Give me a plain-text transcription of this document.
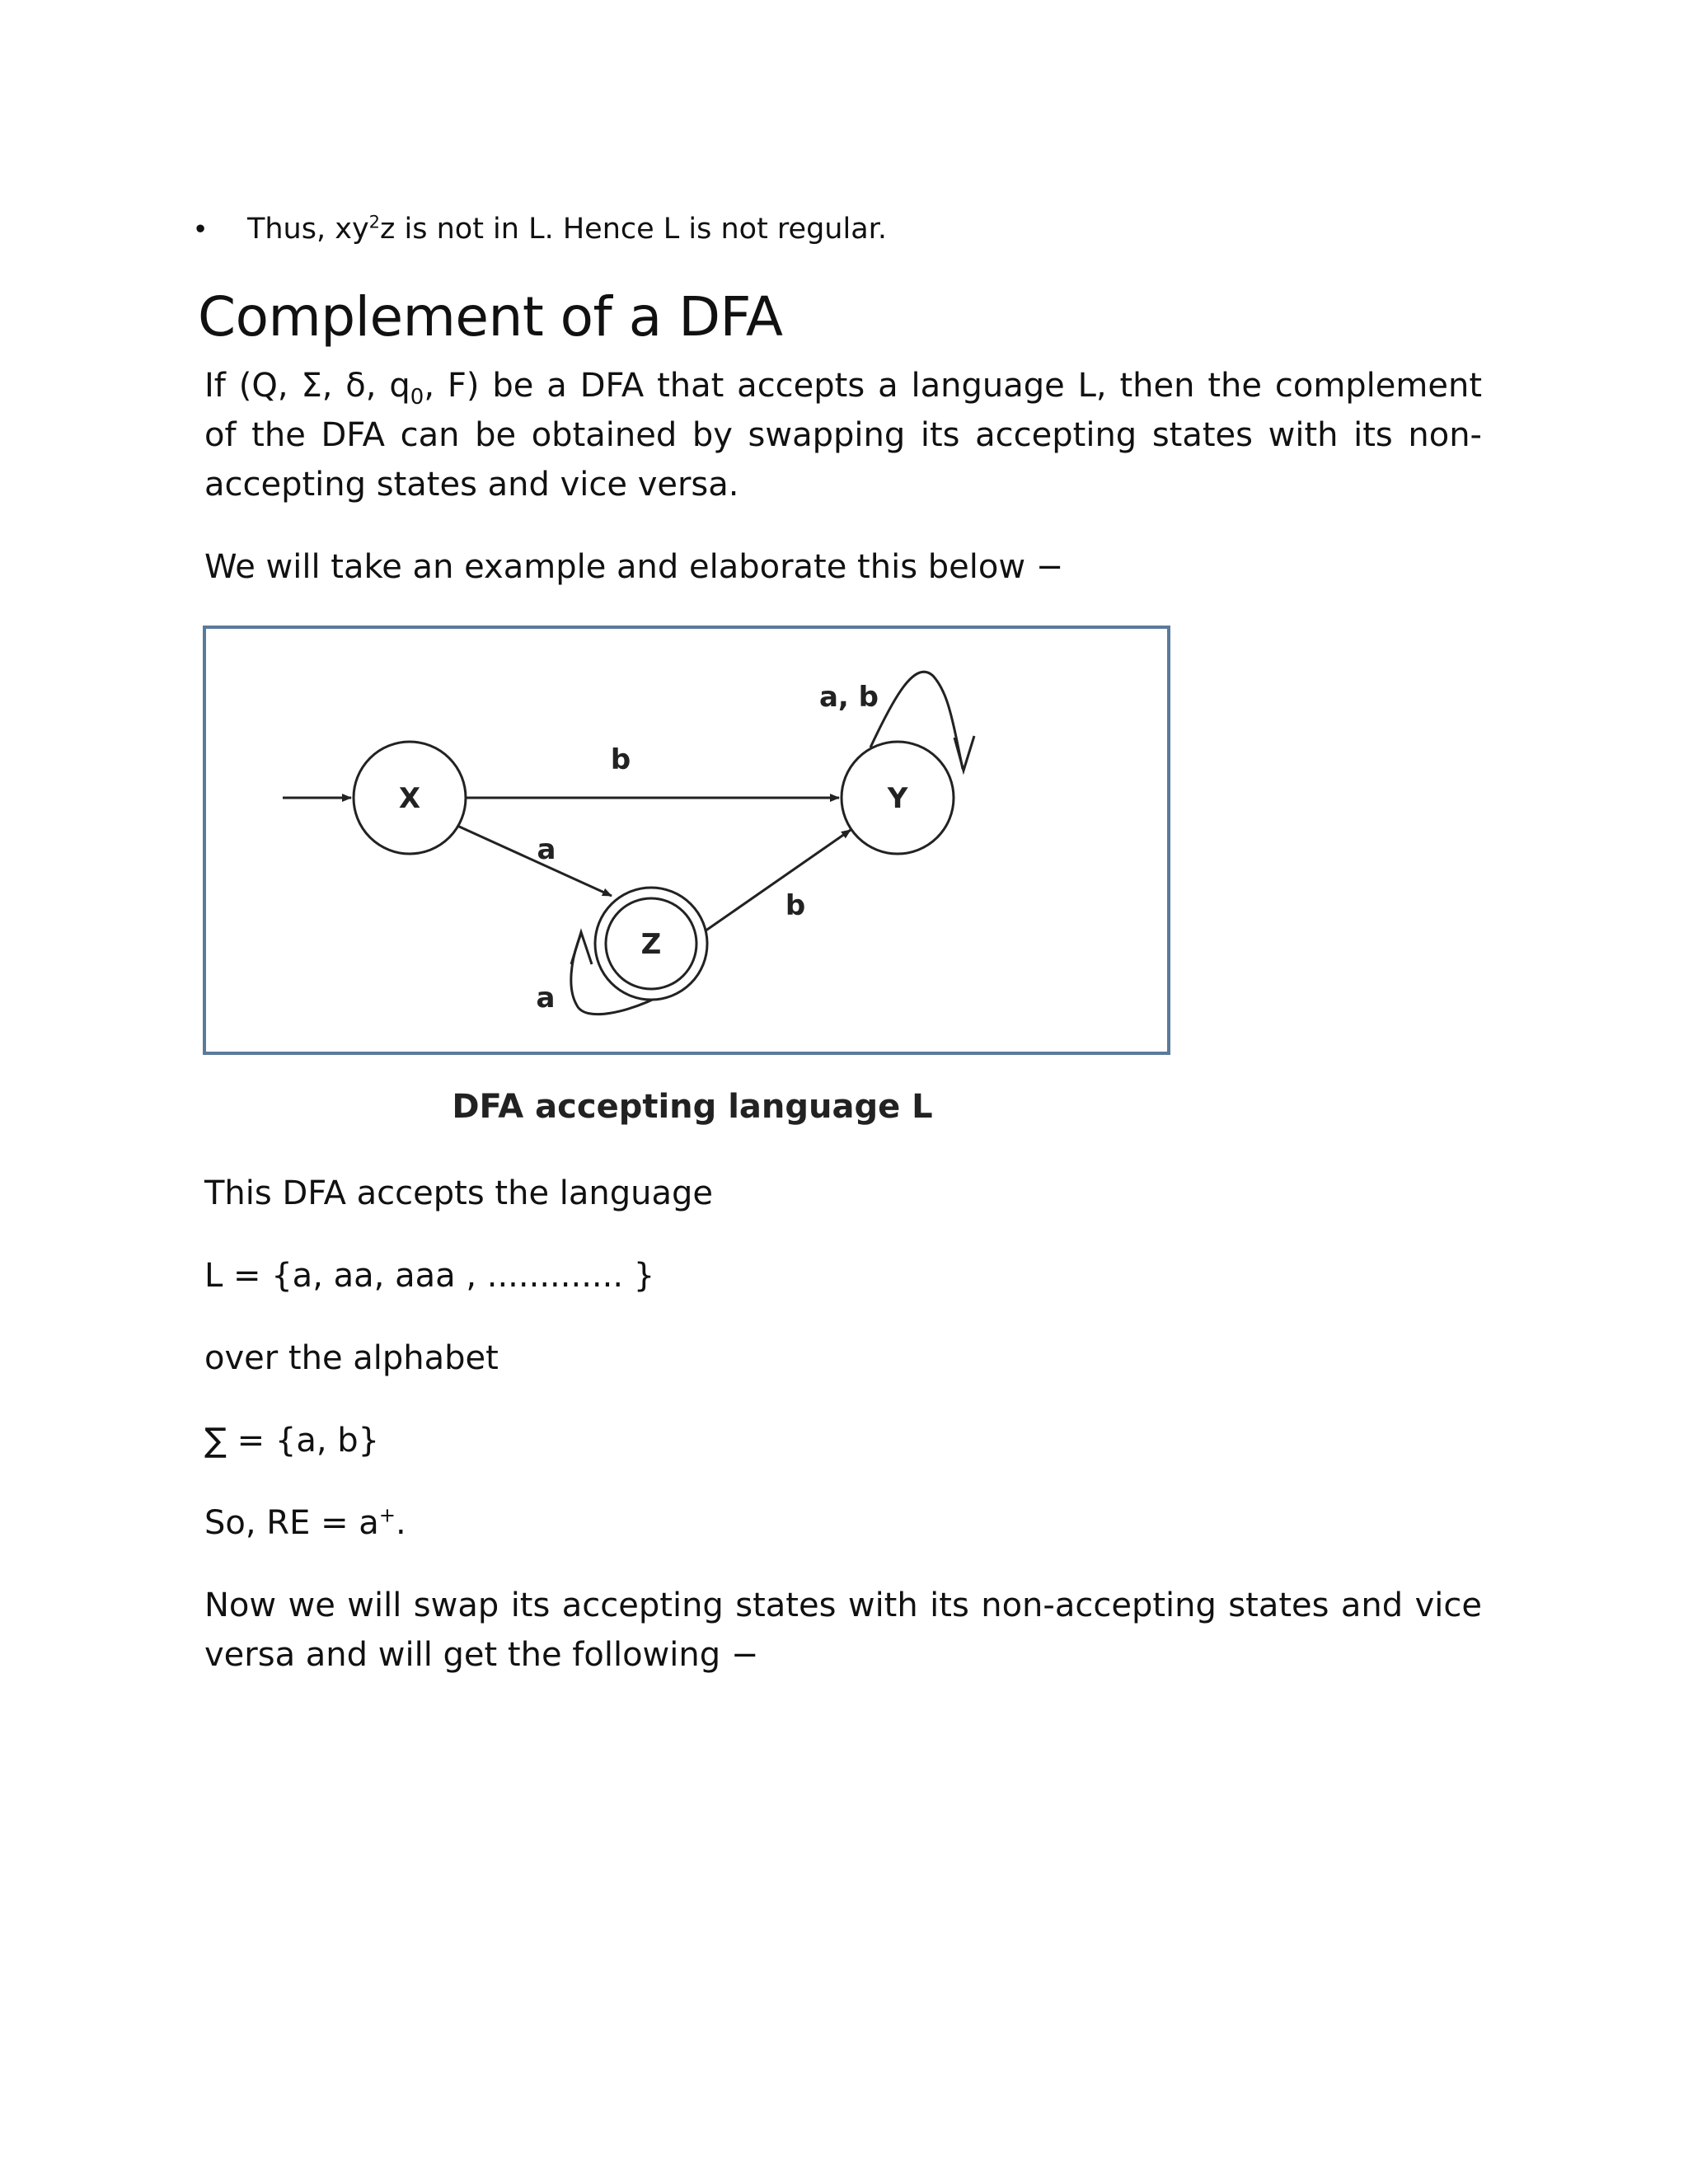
• Thus, $xy^2z$ is not in L. Hence L is not regular.
Complement of a DFA

If (Q, Σ, δ, $q_0$, F) be a DFA that accepts a language L, then the complement of the DFA can be obtained by swapping its accepting states with its non-accepting states and vice versa.

We will take an example and elaborate this below −

X	Y
Z
b
a
b
a, b
a
DFA accepting language L

This DFA accepts the language

L = {a, aa, aaa , ............. }

over the alphabet

∑ = {a, b}

So, RE = a+.

Now we will swap its accepting states with its non-accepting states and vice versa and will get the following −
